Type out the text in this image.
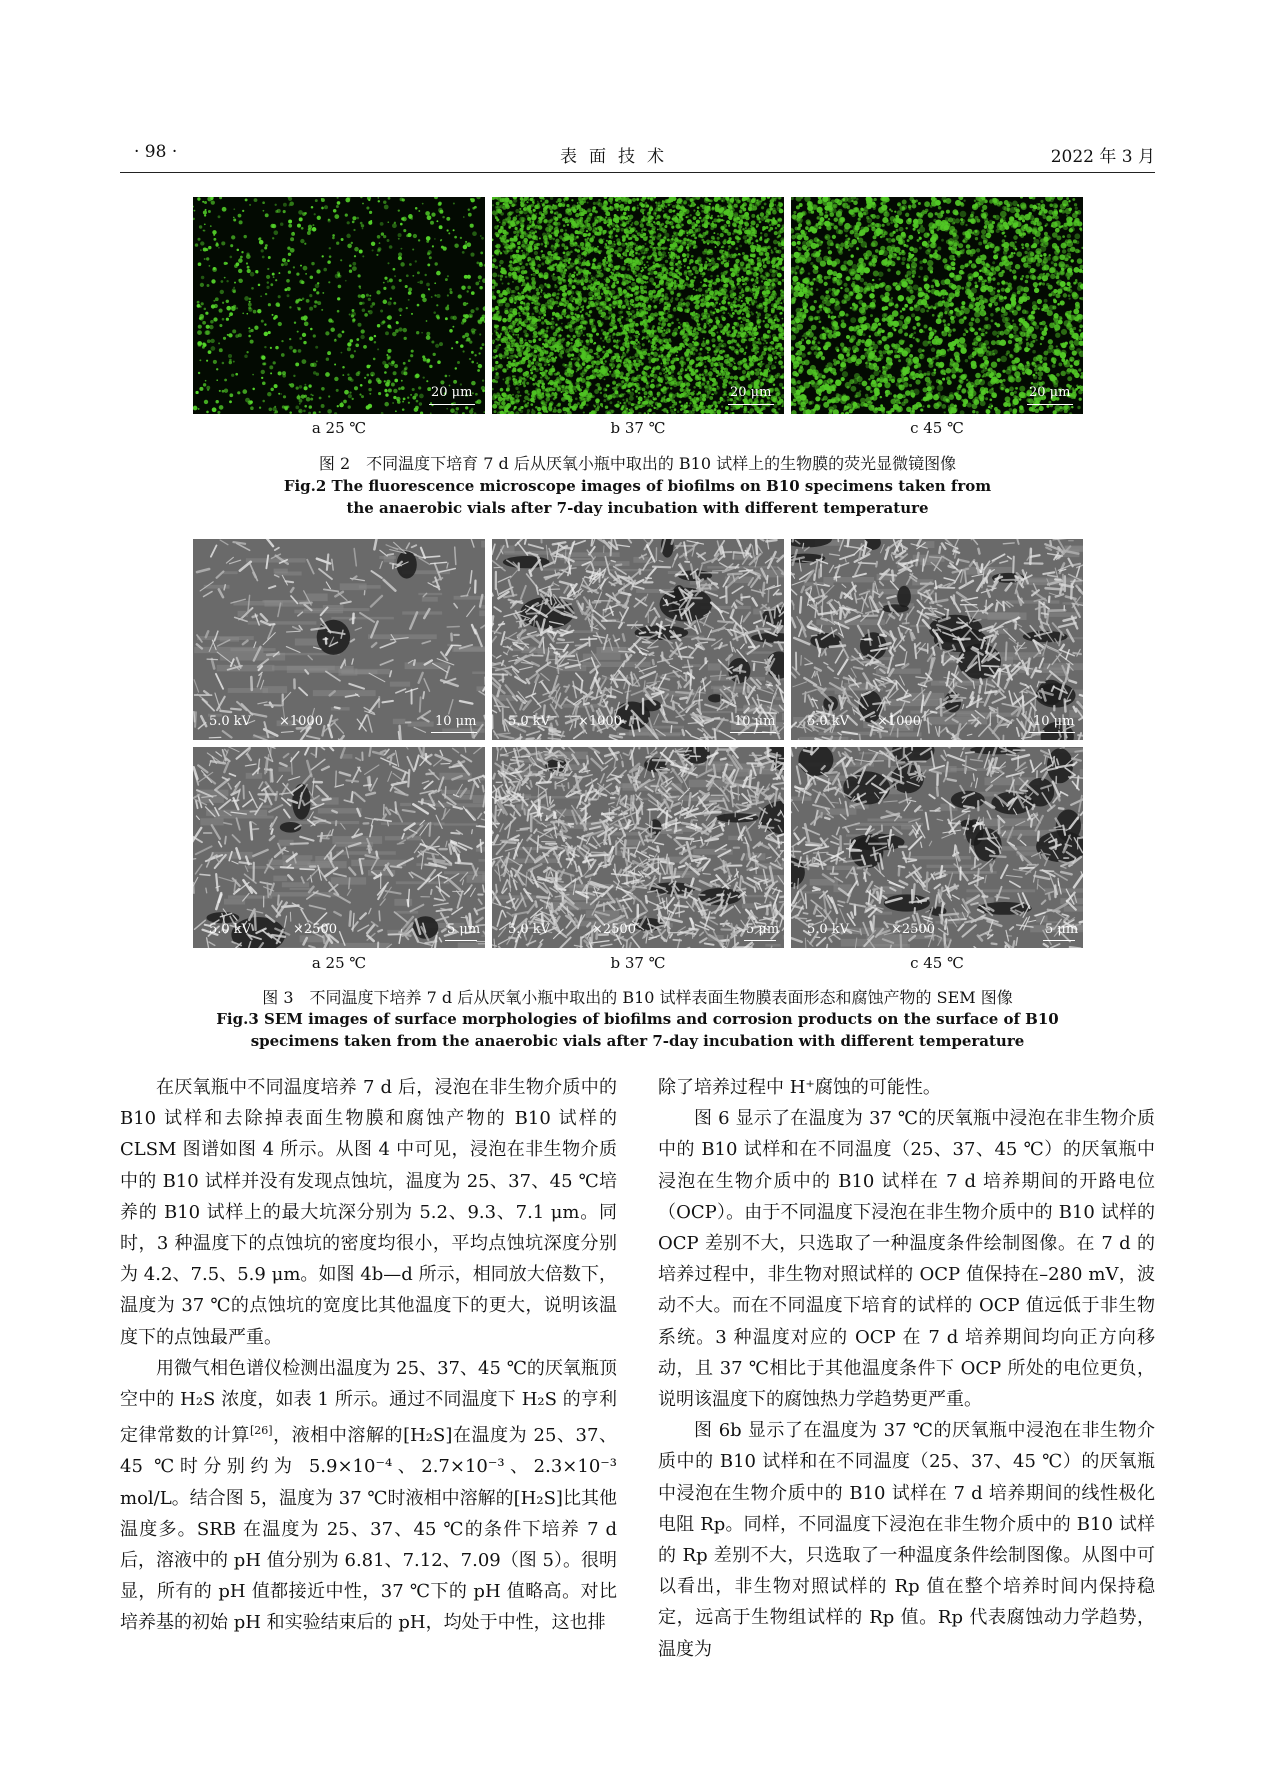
· 98 ·	表面技术	2022 年 3 月
20 μm	20 μm	20 μm
a 25 ℃	b 37 ℃	c 45 ℃
图 2　不同温度下培育 7 d 后从厌氧小瓶中取出的 B10 试样上的生物膜的荧光显微镜图像
Fig.2 The fluorescence microscope images of biofilms on B10 specimens taken from
the anaerobic vials after 7-day incubation with different temperature
5.0 kV ×1000	10 μm 5.0 kV ×1000	10 μm 5.0 kV ×1000	10 μm
5.0 kV	×2500	5 μm 5.0 kV	×2500	5 μm 5.0 kV	×2500	5 μm
a 25 ℃	b 37 ℃	c 45 ℃
图 3　不同温度下培养 7 d 后从厌氧小瓶中取出的 B10 试样表面生物膜表面形态和腐蚀产物的 SEM 图像
Fig.3 SEM images of surface morphologies of biofilms and corrosion products on the surface of B10
specimens taken from the anaerobic vials after 7-day incubation with different temperature

在厌氧瓶中不同温度培养 7 d 后，浸泡在非生物介质中的 B10 试样和去除掉表面生物膜和腐蚀产物的 B10 试样的 CLSM 图谱如图 4 所示。从图 4 中可见，浸泡在非生物介质中的 B10 试样并没有发现点蚀坑，温度为 25、37、45 ℃培养的 B10 试样上的最大坑深分别为 5.2、9.3、7.1 μm。同时，3 种温度下的点蚀坑的密度均很小，平均点蚀坑深度分别为 4.2、7.5、5.9 μm。如图 4b—d 所示，相同放大倍数下，温度为 37 ℃的点蚀坑的宽度比其他温度下的更大，说明该温度下的点蚀最严重。

用微气相色谱仪检测出温度为 25、37、45 ℃的厌氧瓶顶空中的 H₂S 浓度，如表 1 所示。通过不同温度下 H₂S 的亨利定律常数的计算[26]，液相中溶解的[H₂S]在温度为 25、37、45 ℃时分别约为 5.9×10⁻⁴、2.7×10⁻³、2.3×10⁻³ mol/L。结合图 5，温度为 37 ℃时液相中溶解的[H₂S]比其他温度多。SRB 在温度为 25、37、45 ℃的条件下培养 7 d 后，溶液中的 pH 值分别为 6.81、7.12、7.09（图 5）。很明显，所有的 pH 值都接近中性，37 ℃下的 pH 值略高。对比培养基的初始 pH 和实验结束后的 pH，均处于中性，这也排

除了培养过程中 H⁺腐蚀的可能性。

图 6 显示了在温度为 37 ℃的厌氧瓶中浸泡在非生物介质中的 B10 试样和在不同温度（25、37、45 ℃）的厌氧瓶中浸泡在生物介质中的 B10 试样在 7 d 培养期间的开路电位（OCP）。由于不同温度下浸泡在非生物介质中的 B10 试样的 OCP 差别不大，只选取了一种温度条件绘制图像。在 7 d 的培养过程中，非生物对照试样的 OCP 值保持在–280 mV，波动不大。而在不同温度下培育的试样的 OCP 值远低于非生物系统。3 种温度对应的 OCP 在 7 d 培养期间均向正方向移动，且 37 ℃相比于其他温度条件下 OCP 所处的电位更负，说明该温度下的腐蚀热力学趋势更严重。

图 6b 显示了在温度为 37 ℃的厌氧瓶中浸泡在非生物介质中的 B10 试样和在不同温度（25、37、45 ℃）的厌氧瓶中浸泡在生物介质中的 B10 试样在 7 d 培养期间的线性极化电阻 Rp。同样，不同温度下浸泡在非生物介质中的 B10 试样的 Rp 差别不大，只选取了一种温度条件绘制图像。从图中可以看出，非生物对照试样的 Rp 值在整个培养时间内保持稳定，远高于生物组试样的 Rp 值。Rp 代表腐蚀动力学趋势，温度为
